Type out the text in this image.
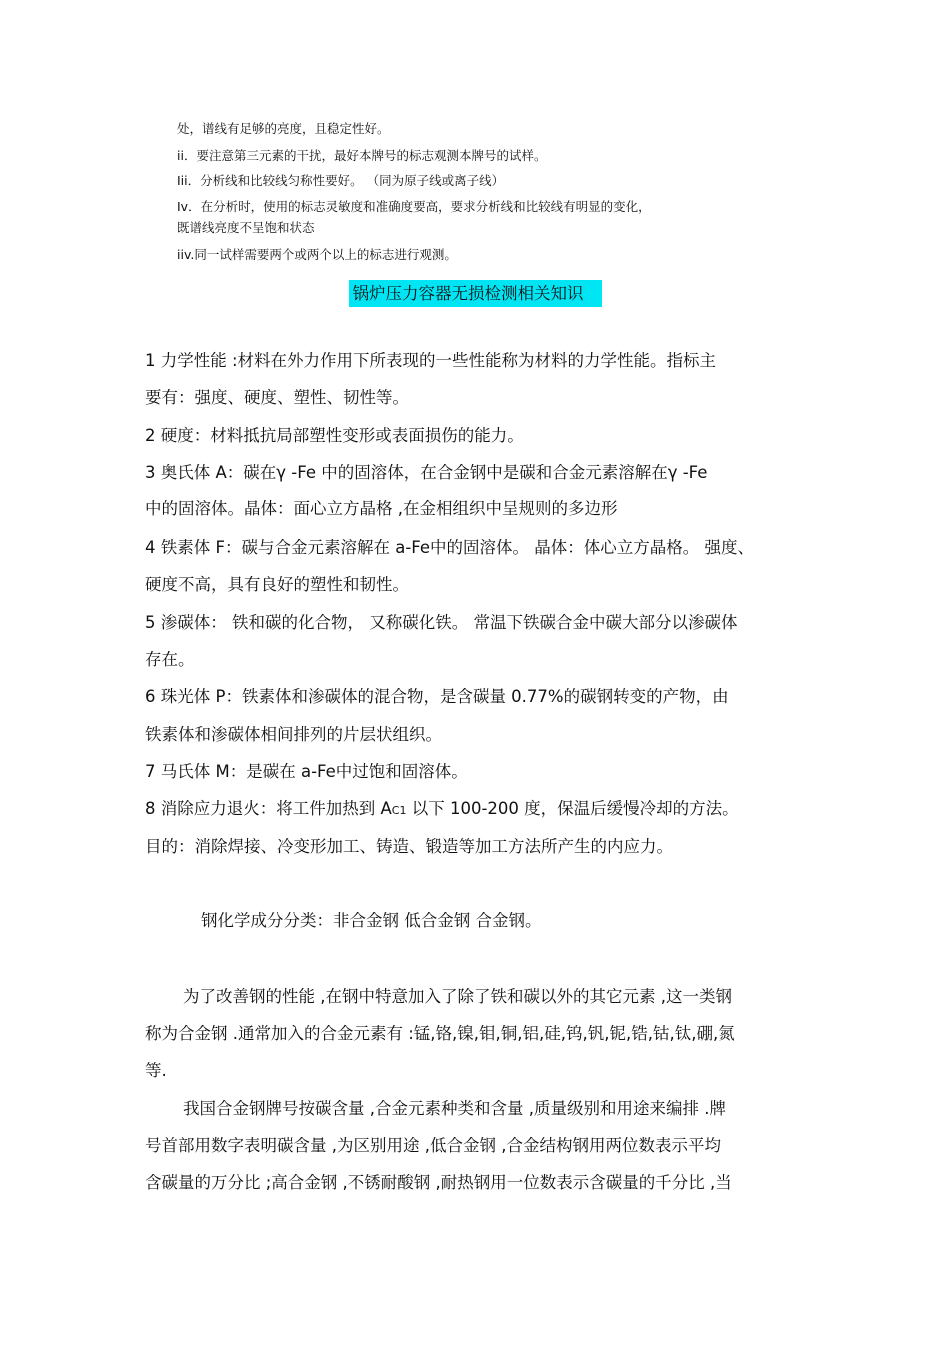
处，谱线有足够的亮度，且稳定性好。
ii．要注意第三元素的干扰，最好本牌号的标志观测本牌号的试样。
Iii．分析线和比较线匀称性要好。 （同为原子线或离子线）
Iv．在分析时，使用的标志灵敏度和准确度要高，要求分析线和比较线有明显的变化，
既谱线亮度不呈饱和状态
iiv.同一试样需要两个或两个以上的标志进行观测。
锅炉压力容器无损检测相关知识
1 力学性能 :材料在外力作用下所表现的一些性能称为材料的力学性能。指标主
要有：强度、硬度、塑性、韧性等。
2 硬度：材料抵抗局部塑性变形或表面损伤的能力。
3 奥氏体 A：碳在γ -Fe 中的固溶体，在合金钢中是碳和合金元素溶解在γ -Fe
中的固溶体。晶体：面心立方晶格 ,在金相组织中呈规则的多边形
4 铁素体 F：碳与合金元素溶解在 a-Fe中的固溶体。 晶体：体心立方晶格。 强度、
硬度不高，具有良好的塑性和韧性。
5 渗碳体： 铁和碳的化合物， 又称碳化铁。 常温下铁碳合金中碳大部分以渗碳体
存在。
6 珠光体 P：铁素体和渗碳体的混合物，是含碳量 0.77%的碳钢转变的产物，由
铁素体和渗碳体相间排列的片层状组织。
7 马氏体 M：是碳在 a-Fe中过饱和固溶体。
8 消除应力退火：将工件加热到 AC1 以下 100-200 度，保温后缓慢冷却的方法。
目的：消除焊接、冷变形加工、铸造、锻造等加工方法所产生的内应力。
钢化学成分分类：非合金钢 低合金钢 合金钢。
为了改善钢的性能 ,在钢中特意加入了除了铁和碳以外的其它元素 ,这一类钢
称为合金钢 .通常加入的合金元素有 :锰,铬,镍,钼,铜,铝,硅,钨,钒,铌,锆,钴,钛,硼,氮
等.
我国合金钢牌号按碳含量 ,合金元素种类和含量 ,质量级别和用途来编排 .牌
号首部用数字表明碳含量 ,为区别用途 ,低合金钢 ,合金结构钢用两位数表示平均
含碳量的万分比 ;高合金钢 ,不锈耐酸钢 ,耐热钢用一位数表示含碳量的千分比 ,当
